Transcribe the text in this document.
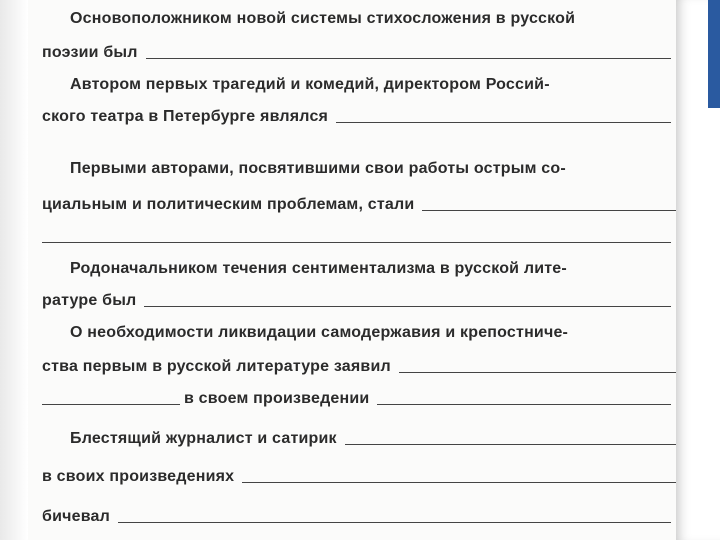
Основоположником новой системы стихосложения в русской
поэзии был
Автором первых трагедий и комедий, директором Россий-
ского театра в Петербурге являлся
Первыми авторами, посвятившими свои работы острым со-
циальным и политическим проблемам, стали
Родоначальником течения сентиментализма в русской лите-
ратуре был
О необходимости ликвидации самодержавия и крепостниче-
ства первым в русской литературе заявил
в своем произведении
Блестящий журналист и сатирик
в своих произведениях
бичевал
